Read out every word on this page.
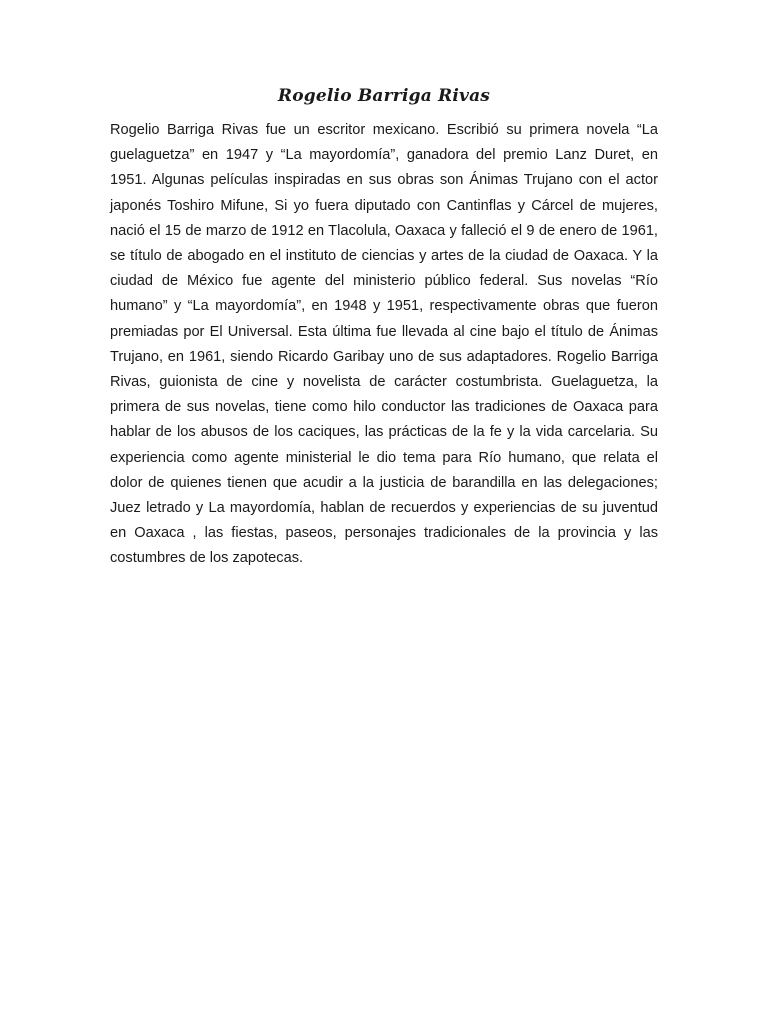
Rogelio Barriga Rivas

Rogelio Barriga Rivas fue un escritor mexicano. Escribió su primera novela “La guelaguetza” en 1947 y “La mayordomía”, ganadora del premio Lanz Duret, en 1951. Algunas películas inspiradas en sus obras son Ánimas Trujano con el actor japonés Toshiro Mifune, Si yo fuera diputado con Cantinflas y Cárcel de mujeres, nació el 15 de marzo de 1912 en Tlacolula, Oaxaca y falleció el 9 de enero de 1961, se título de abogado en el instituto de ciencias y artes de la ciudad de Oaxaca. Y la ciudad de México fue agente del ministerio público federal. Sus novelas “Río humano” y “La mayordomía”, en 1948 y 1951, respectivamente obras que fueron premiadas por El Universal. Esta última fue llevada al cine bajo el título de Ánimas Trujano, en 1961, siendo Ricardo Garibay uno de sus adaptadores. Rogelio Barriga Rivas, guionista de cine y novelista de carácter costumbrista. Guelaguetza, la primera de sus novelas, tiene como hilo conductor las tradiciones de Oaxaca para hablar de los abusos de los caciques, las prácticas de la fe y la vida carcelaria. Su experiencia como agente ministerial le dio tema para Río humano, que relata el dolor de quienes tienen que acudir a la justicia de barandilla en las delegaciones; Juez letrado y La mayordomía, hablan de recuerdos y experiencias de su juventud en Oaxaca , las fiestas, paseos, personajes tradicionales de la provincia y las costumbres de los zapotecas.
